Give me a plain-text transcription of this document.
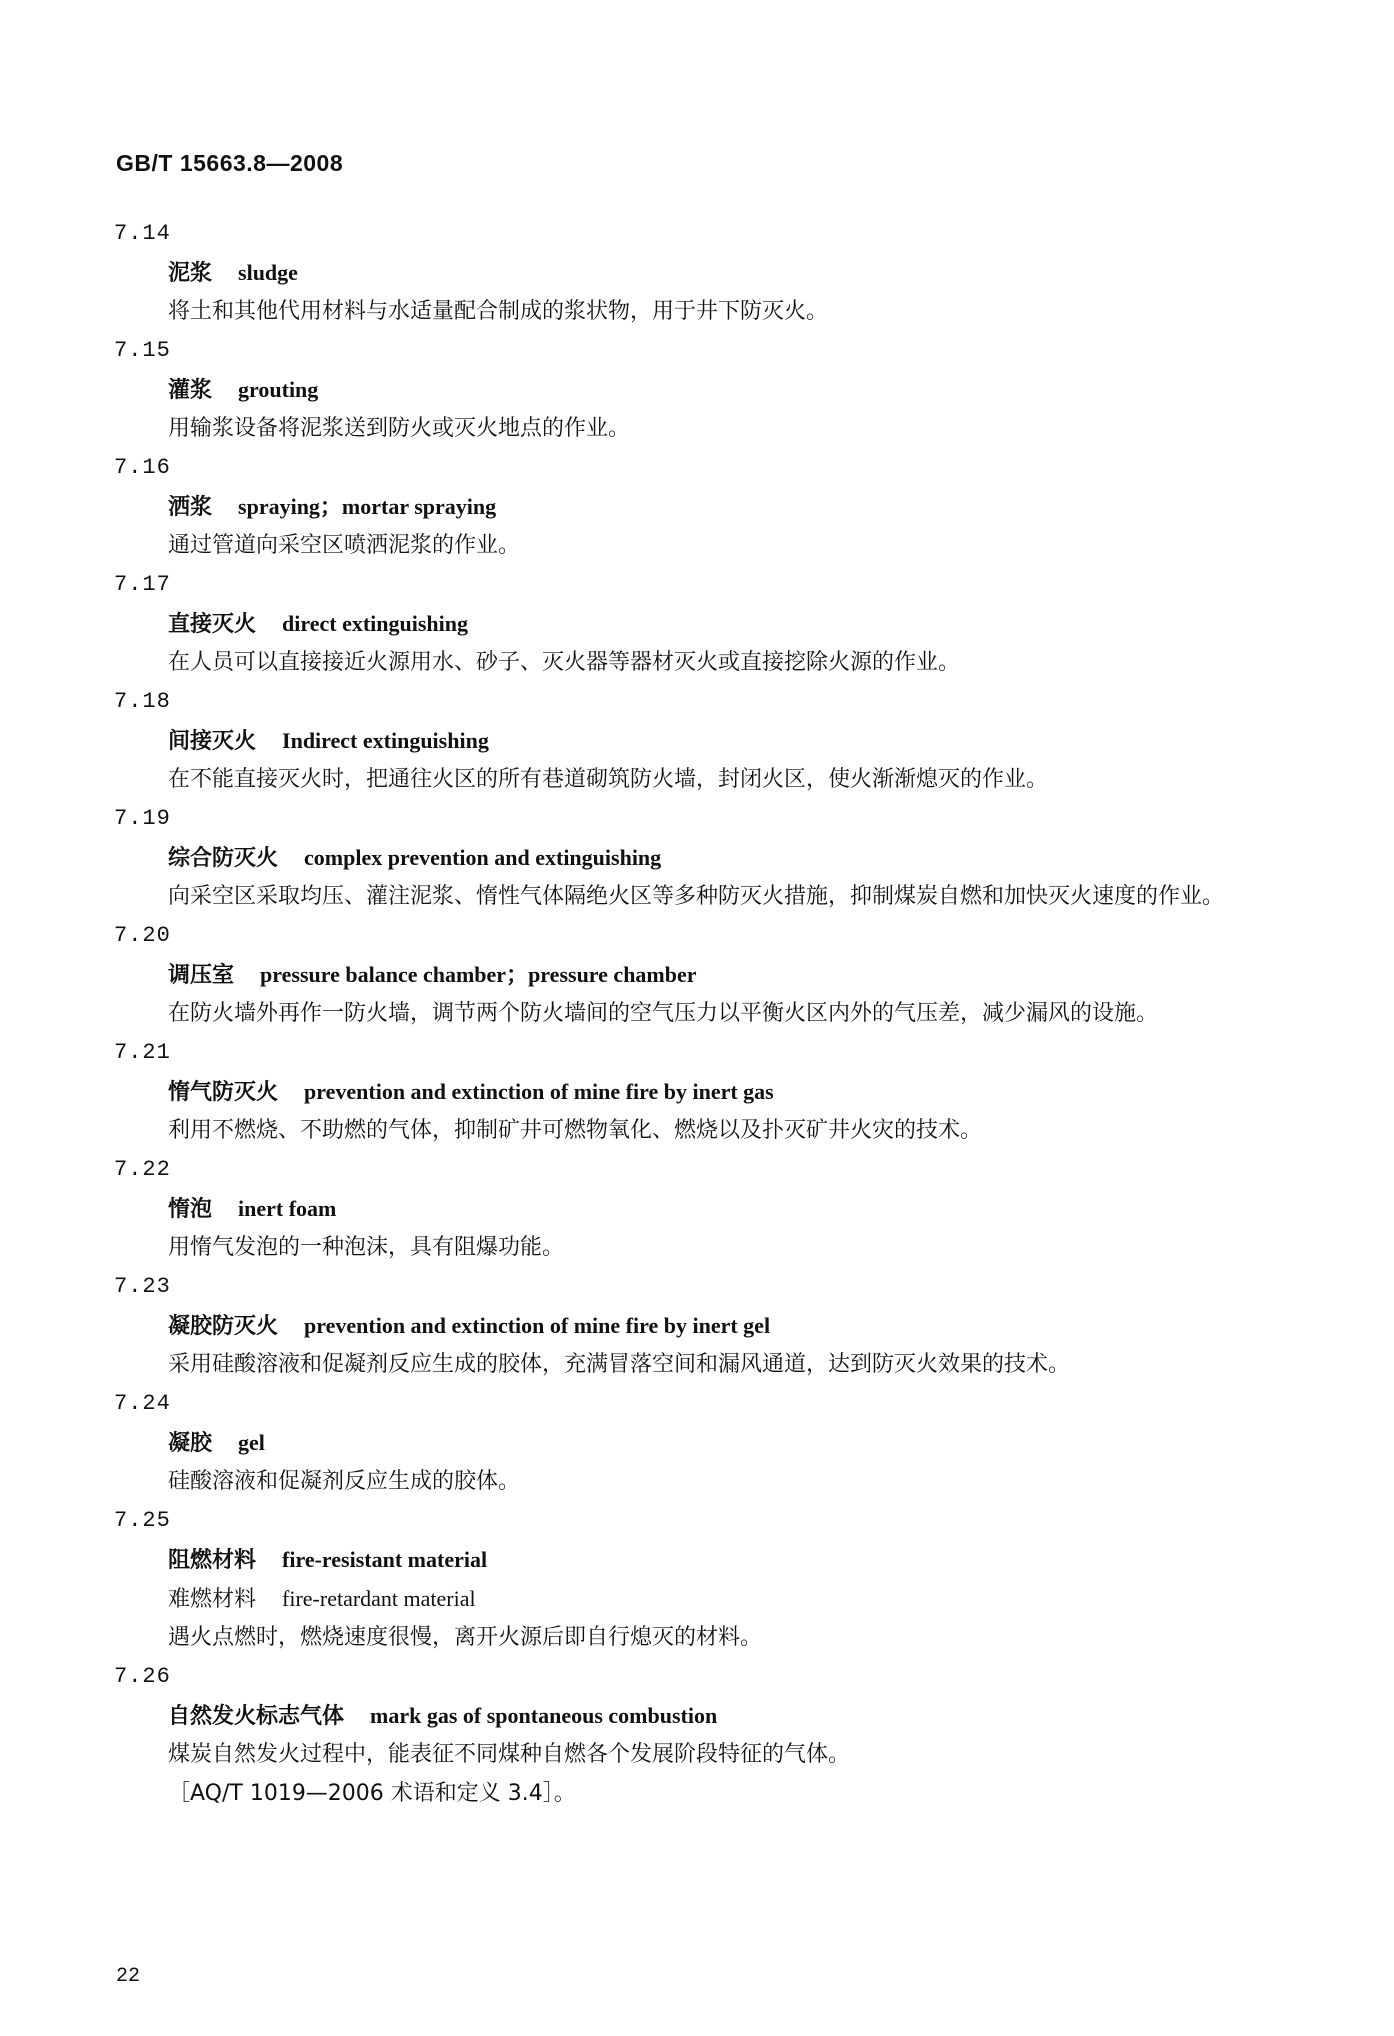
GB/T 15663.8—2008
7.14
泥浆 sludge
将土和其他代用材料与水适量配合制成的浆状物，用于井下防灭火。
7.15
灌浆 grouting
用输浆设备将泥浆送到防火或灭火地点的作业。
7.16
洒浆 spraying；mortar spraying
通过管道向采空区喷洒泥浆的作业。
7.17
直接灭火 direct extinguishing
在人员可以直接接近火源用水、砂子、灭火器等器材灭火或直接挖除火源的作业。
7.18
间接灭火 Indirect extinguishing
在不能直接灭火时，把通往火区的所有巷道砌筑防火墙，封闭火区，使火渐渐熄灭的作业。
7.19
综合防灭火 complex prevention and extinguishing
向采空区采取均压、灌注泥浆、惰性气体隔绝火区等多种防灭火措施，抑制煤炭自燃和加快灭火速度的作业。
7.20
调压室 pressure balance chamber；pressure chamber
在防火墙外再作一防火墙，调节两个防火墙间的空气压力以平衡火区内外的气压差，减少漏风的设施。
7.21
惰气防灭火 prevention and extinction of mine fire by inert gas
利用不燃烧、不助燃的气体，抑制矿井可燃物氧化、燃烧以及扑灭矿井火灾的技术。
7.22
惰泡 inert foam
用惰气发泡的一种泡沫，具有阻爆功能。
7.23
凝胶防灭火 prevention and extinction of mine fire by inert gel
采用硅酸溶液和促凝剂反应生成的胶体，充满冒落空间和漏风通道，达到防灭火效果的技术。
7.24
凝胶 gel
硅酸溶液和促凝剂反应生成的胶体。
7.25
阻燃材料 fire-resistant material
难燃材料 fire-retardant material
遇火点燃时，燃烧速度很慢，离开火源后即自行熄灭的材料。
7.26
自然发火标志气体 mark gas of spontaneous combustion
煤炭自然发火过程中，能表征不同煤种自燃各个发展阶段特征的气体。
［AQ/T 1019—2006 术语和定义 3.4］。
22
